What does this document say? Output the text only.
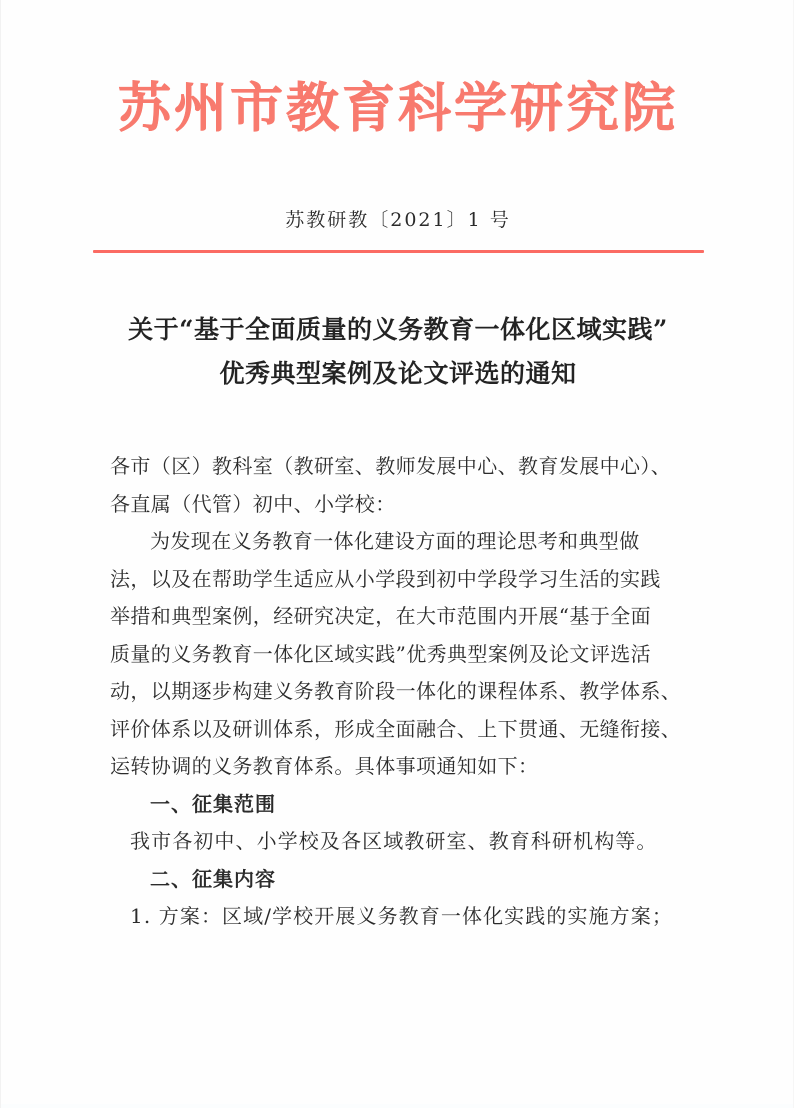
苏州市教育科学研究院
苏教研教〔2021〕1 号
关于“基于全面质量的义务教育一体化区域实践”
优秀典型案例及论文评选的通知
各市（区）教科室（教研室、教师发展中心、教育发展中心）、
各直属（代管）初中、小学校：
为发现在义务教育一体化建设方面的理论思考和典型做
法，以及在帮助学生适应从小学段到初中学段学习生活的实践
举措和典型案例，经研究决定，在大市范围内开展“基于全面
质量的义务教育一体化区域实践”优秀典型案例及论文评选活
动，以期逐步构建义务教育阶段一体化的课程体系、教学体系、
评价体系以及研训体系，形成全面融合、上下贯通、无缝衔接、
运转协调的义务教育体系。具体事项通知如下：
一、征集范围
我市各初中、小学校及各区域教研室、教育科研机构等。
二、征集内容
1. 方案：区域/学校开展义务教育一体化实践的实施方案；
